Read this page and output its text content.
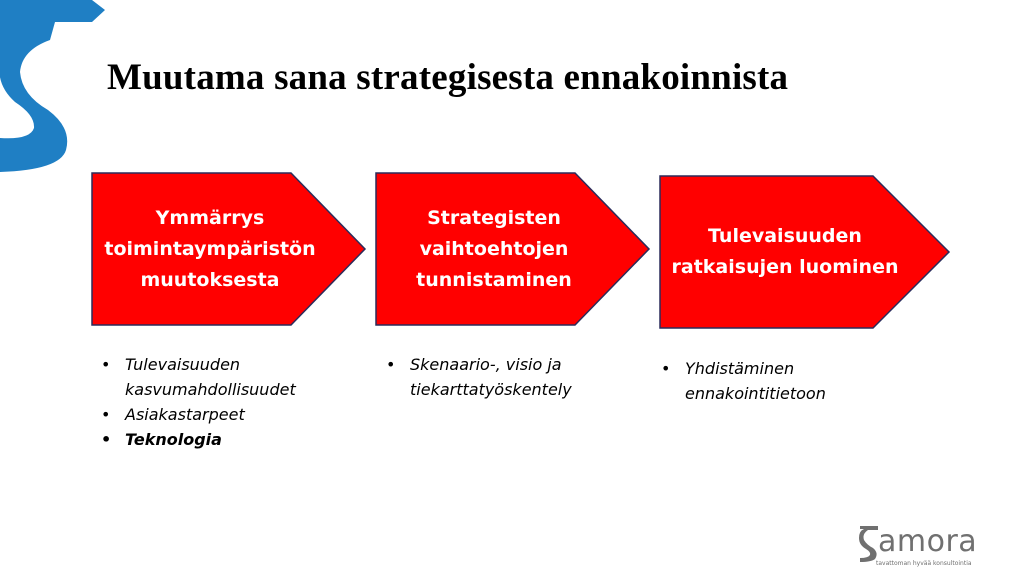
Muutama sana strategisesta ennakoinnista
Ymmärrys
toimintaympäristön
muutoksesta
Strategisten
vaihtoehtojen
tunnistaminen
Tulevaisuuden
ratkaisujen luominen
• Tulevaisuuden kasvumahdollisuudet
• Asiakastarpeet
• Teknologia
• Skenaario-, visio ja tiekarttatyöskentely
• Yhdistäminen ennakointitietoon
amora
tavattoman hyvää konsultointia
